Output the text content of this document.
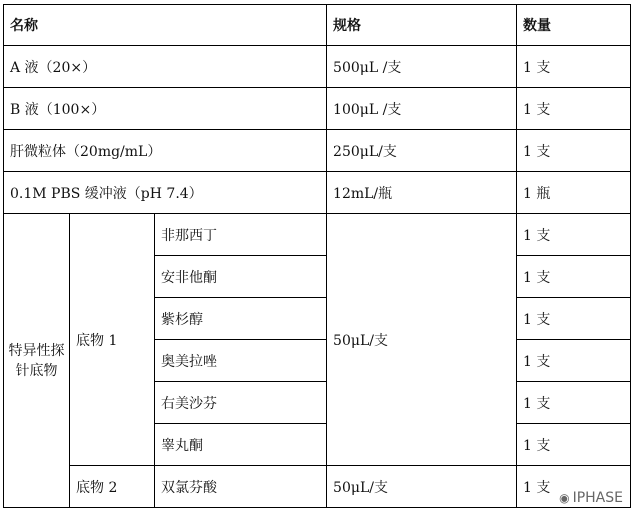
名称			规格	数量
A 液（20×）			500μL /支	1 支
B 液（100×）			100μL /支	1 支
肝微粒体（20mg/mL）			250μL/支	1 支
0.1M PBS 缓冲液（pH 7.4）			12mL/瓶	1 瓶
特异性探针底物	底物 1	非那西丁	50μL/支	1 支
		安非他酮		1 支
		紫杉醇		1 支
		奥美拉唑		1 支
		右美沙芬		1 支
		睾丸酮		1 支
	底物 2	双氯芬酸	50μL/支	1 支
◉ IPHASE
